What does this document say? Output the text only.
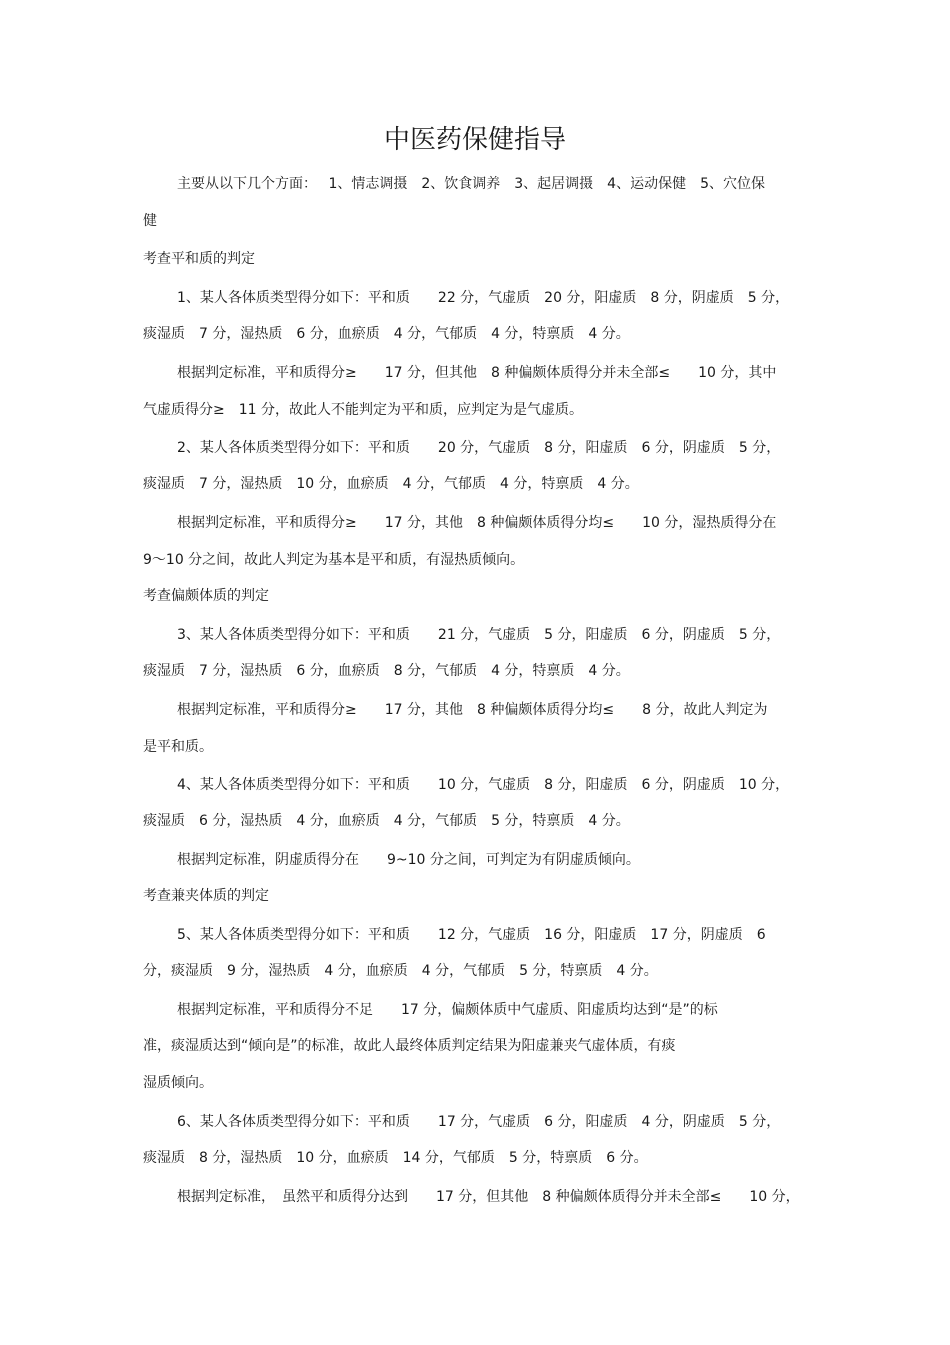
中医药保健指导
主要从以下几个方面：　 1、情志调摄　2、饮食调养　3、起居调摄　4、运动保健　5、穴位保
健
考查平和质的判定
1、某人各体质类型得分如下：平和质　　22 分，气虚质　20 分，阳虚质　8 分，阴虚质　5 分，
痰湿质　7 分，湿热质　6 分，血瘀质　4 分，气郁质　4 分，特禀质　4 分。
根据判定标准，平和质得分≥　　17 分，但其他　8 种偏颇体质得分并未全部≤　　10 分，其中
气虚质得分≥　11 分，故此人不能判定为平和质，应判定为是气虚质。
2、某人各体质类型得分如下：平和质　　20 分，气虚质　8 分，阳虚质　6 分，阴虚质　5 分，
痰湿质　7 分，湿热质　10 分，血瘀质　4 分，气郁质　4 分，特禀质　4 分。
根据判定标准，平和质得分≥　　17 分，其他　8 种偏颇体质得分均≤　　10 分，湿热质得分在
9～10 分之间，故此人判定为基本是平和质，有湿热质倾向。
考查偏颇体质的判定
3、某人各体质类型得分如下：平和质　　21 分，气虚质　5 分，阳虚质　6 分，阴虚质　5 分，
痰湿质　7 分，湿热质　6 分，血瘀质　8 分，气郁质　4 分，特禀质　4 分。
根据判定标准，平和质得分≥　　17 分，其他　8 种偏颇体质得分均≤　　8 分，故此人判定为
是平和质。
4、某人各体质类型得分如下：平和质　　10 分，气虚质　8 分，阳虚质　6 分，阴虚质　10 分，
痰湿质　6 分，湿热质　4 分，血瘀质　4 分，气郁质　5 分，特禀质　4 分。
根据判定标准，阴虚质得分在　　9~10 分之间，可判定为有阴虚质倾向。
考查兼夹体质的判定
5、某人各体质类型得分如下：平和质　　12 分，气虚质　16 分，阳虚质　17 分，阴虚质　6
分，痰湿质　9 分，湿热质　4 分，血瘀质　4 分，气郁质　5 分，特禀质　4 分。
根据判定标准，平和质得分不足　　17 分，偏颇体质中气虚质、阳虚质均达到“是”的标
准，痰湿质达到“倾向是”的标准，故此人最终体质判定结果为阳虚兼夹气虚体质，有痰
湿质倾向。
6、某人各体质类型得分如下：平和质　　17 分，气虚质　6 分，阳虚质　4 分，阴虚质　5 分，
痰湿质　8 分，湿热质　10 分，血瘀质　14 分，气郁质　5 分，特禀质　6 分。
根据判定标准，　虽然平和质得分达到　　17 分，但其他　8 种偏颇体质得分并未全部≤　　10 分，
